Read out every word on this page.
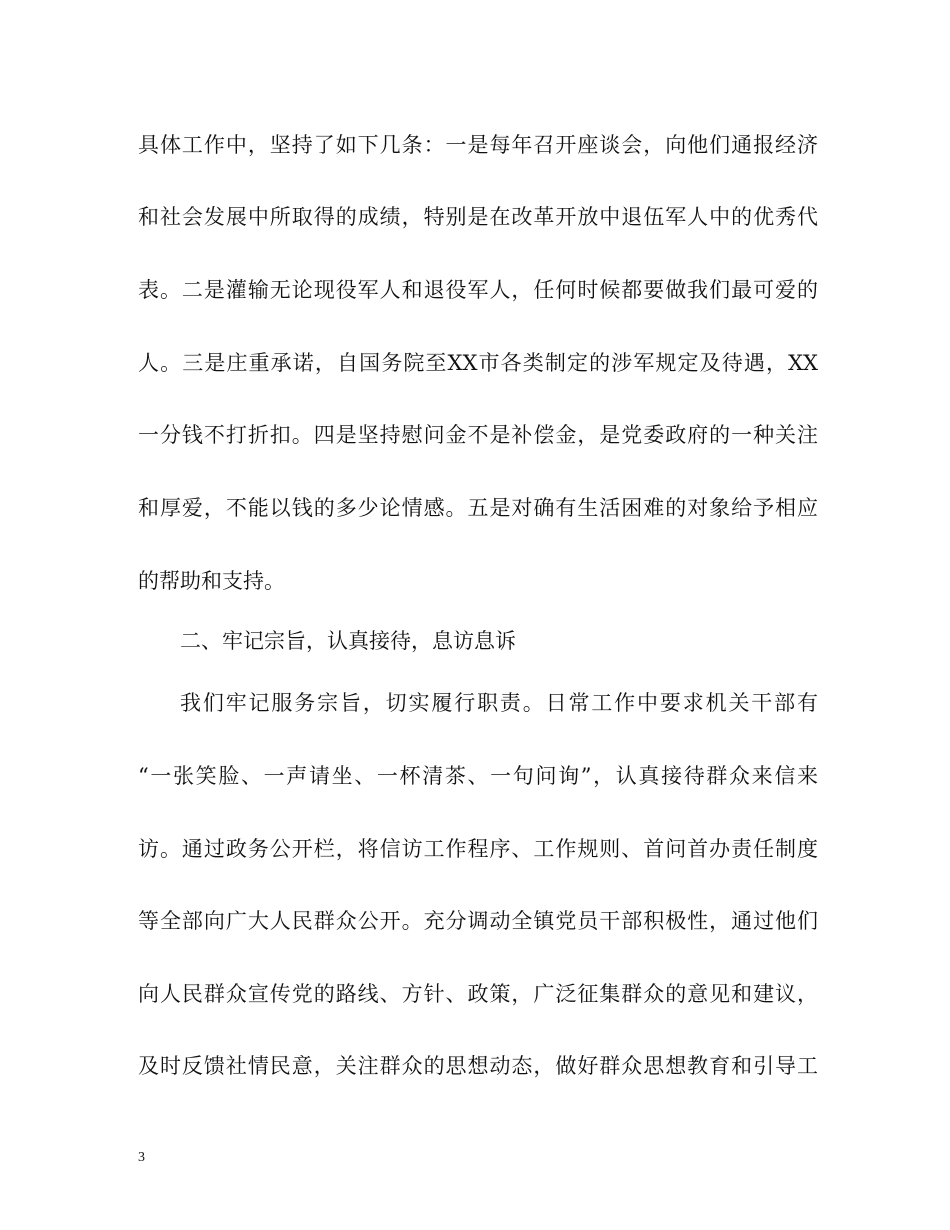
具体工作中，坚持了如下几条：一是每年召开座谈会，向他们通报经济
和社会发展中所取得的成绩，特别是在改革开放中退伍军人中的优秀代
表。二是灌输无论现役军人和退役军人，任何时候都要做我们最可爱的
人。三是庄重承诺，自国务院至XX市各类制定的涉军规定及待遇，XX
一分钱不打折扣。四是坚持慰问金不是补偿金，是党委政府的一种关注
和厚爱，不能以钱的多少论情感。五是对确有生活困难的对象给予相应
的帮助和支持。
二、牢记宗旨，认真接待，息访息诉
我们牢记服务宗旨，切实履行职责。日常工作中要求机关干部有
“一张笑脸、一声请坐、一杯清茶、一句问询”，认真接待群众来信来
访。通过政务公开栏，将信访工作程序、工作规则、首问首办责任制度
等全部向广大人民群众公开。充分调动全镇党员干部积极性，通过他们
向人民群众宣传党的路线、方针、政策，广泛征集群众的意见和建议，
及时反馈社情民意，关注群众的思想动态，做好群众思想教育和引导工
3
